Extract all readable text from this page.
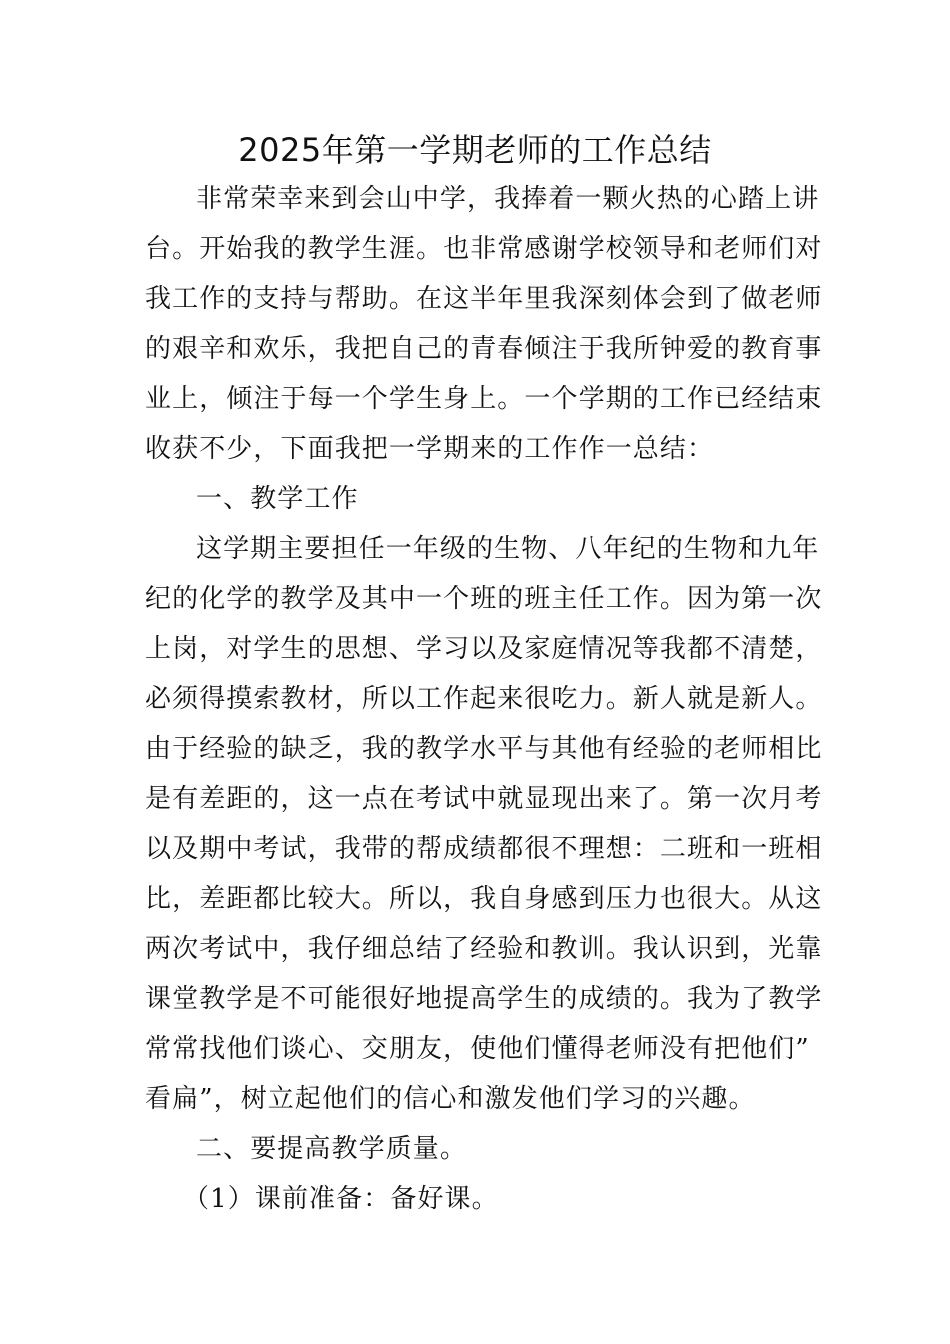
2025年第一学期老师的工作总结
非常荣幸来到会山中学，我捧着一颗火热的心踏上讲
台。开始我的教学生涯。也非常感谢学校领导和老师们对
我工作的支持与帮助。在这半年里我深刻体会到了做老师
的艰辛和欢乐，我把自己的青春倾注于我所钟爱的教育事
业上，倾注于每一个学生身上。一个学期的工作已经结束
收获不少，下面我把一学期来的工作作一总结：
一、教学工作
这学期主要担任一年级的生物、八年纪的生物和九年
纪的化学的教学及其中一个班的班主任工作。因为第一次
上岗，对学生的思想、学习以及家庭情况等我都不清楚，
必须得摸索教材，所以工作起来很吃力。新人就是新人。
由于经验的缺乏，我的教学水平与其他有经验的老师相比
是有差距的，这一点在考试中就显现出来了。第一次月考
以及期中考试，我带的帮成绩都很不理想：二班和一班相
比，差距都比较大。所以，我自身感到压力也很大。从这
两次考试中，我仔细总结了经验和教训。我认识到，光靠
课堂教学是不可能很好地提高学生的成绩的。我为了教学
常常找他们谈心、交朋友，使他们懂得老师没有把他们”
看扁”，树立起他们的信心和激发他们学习的兴趣。
二、要提高教学质量。
（1）课前准备：备好课。
